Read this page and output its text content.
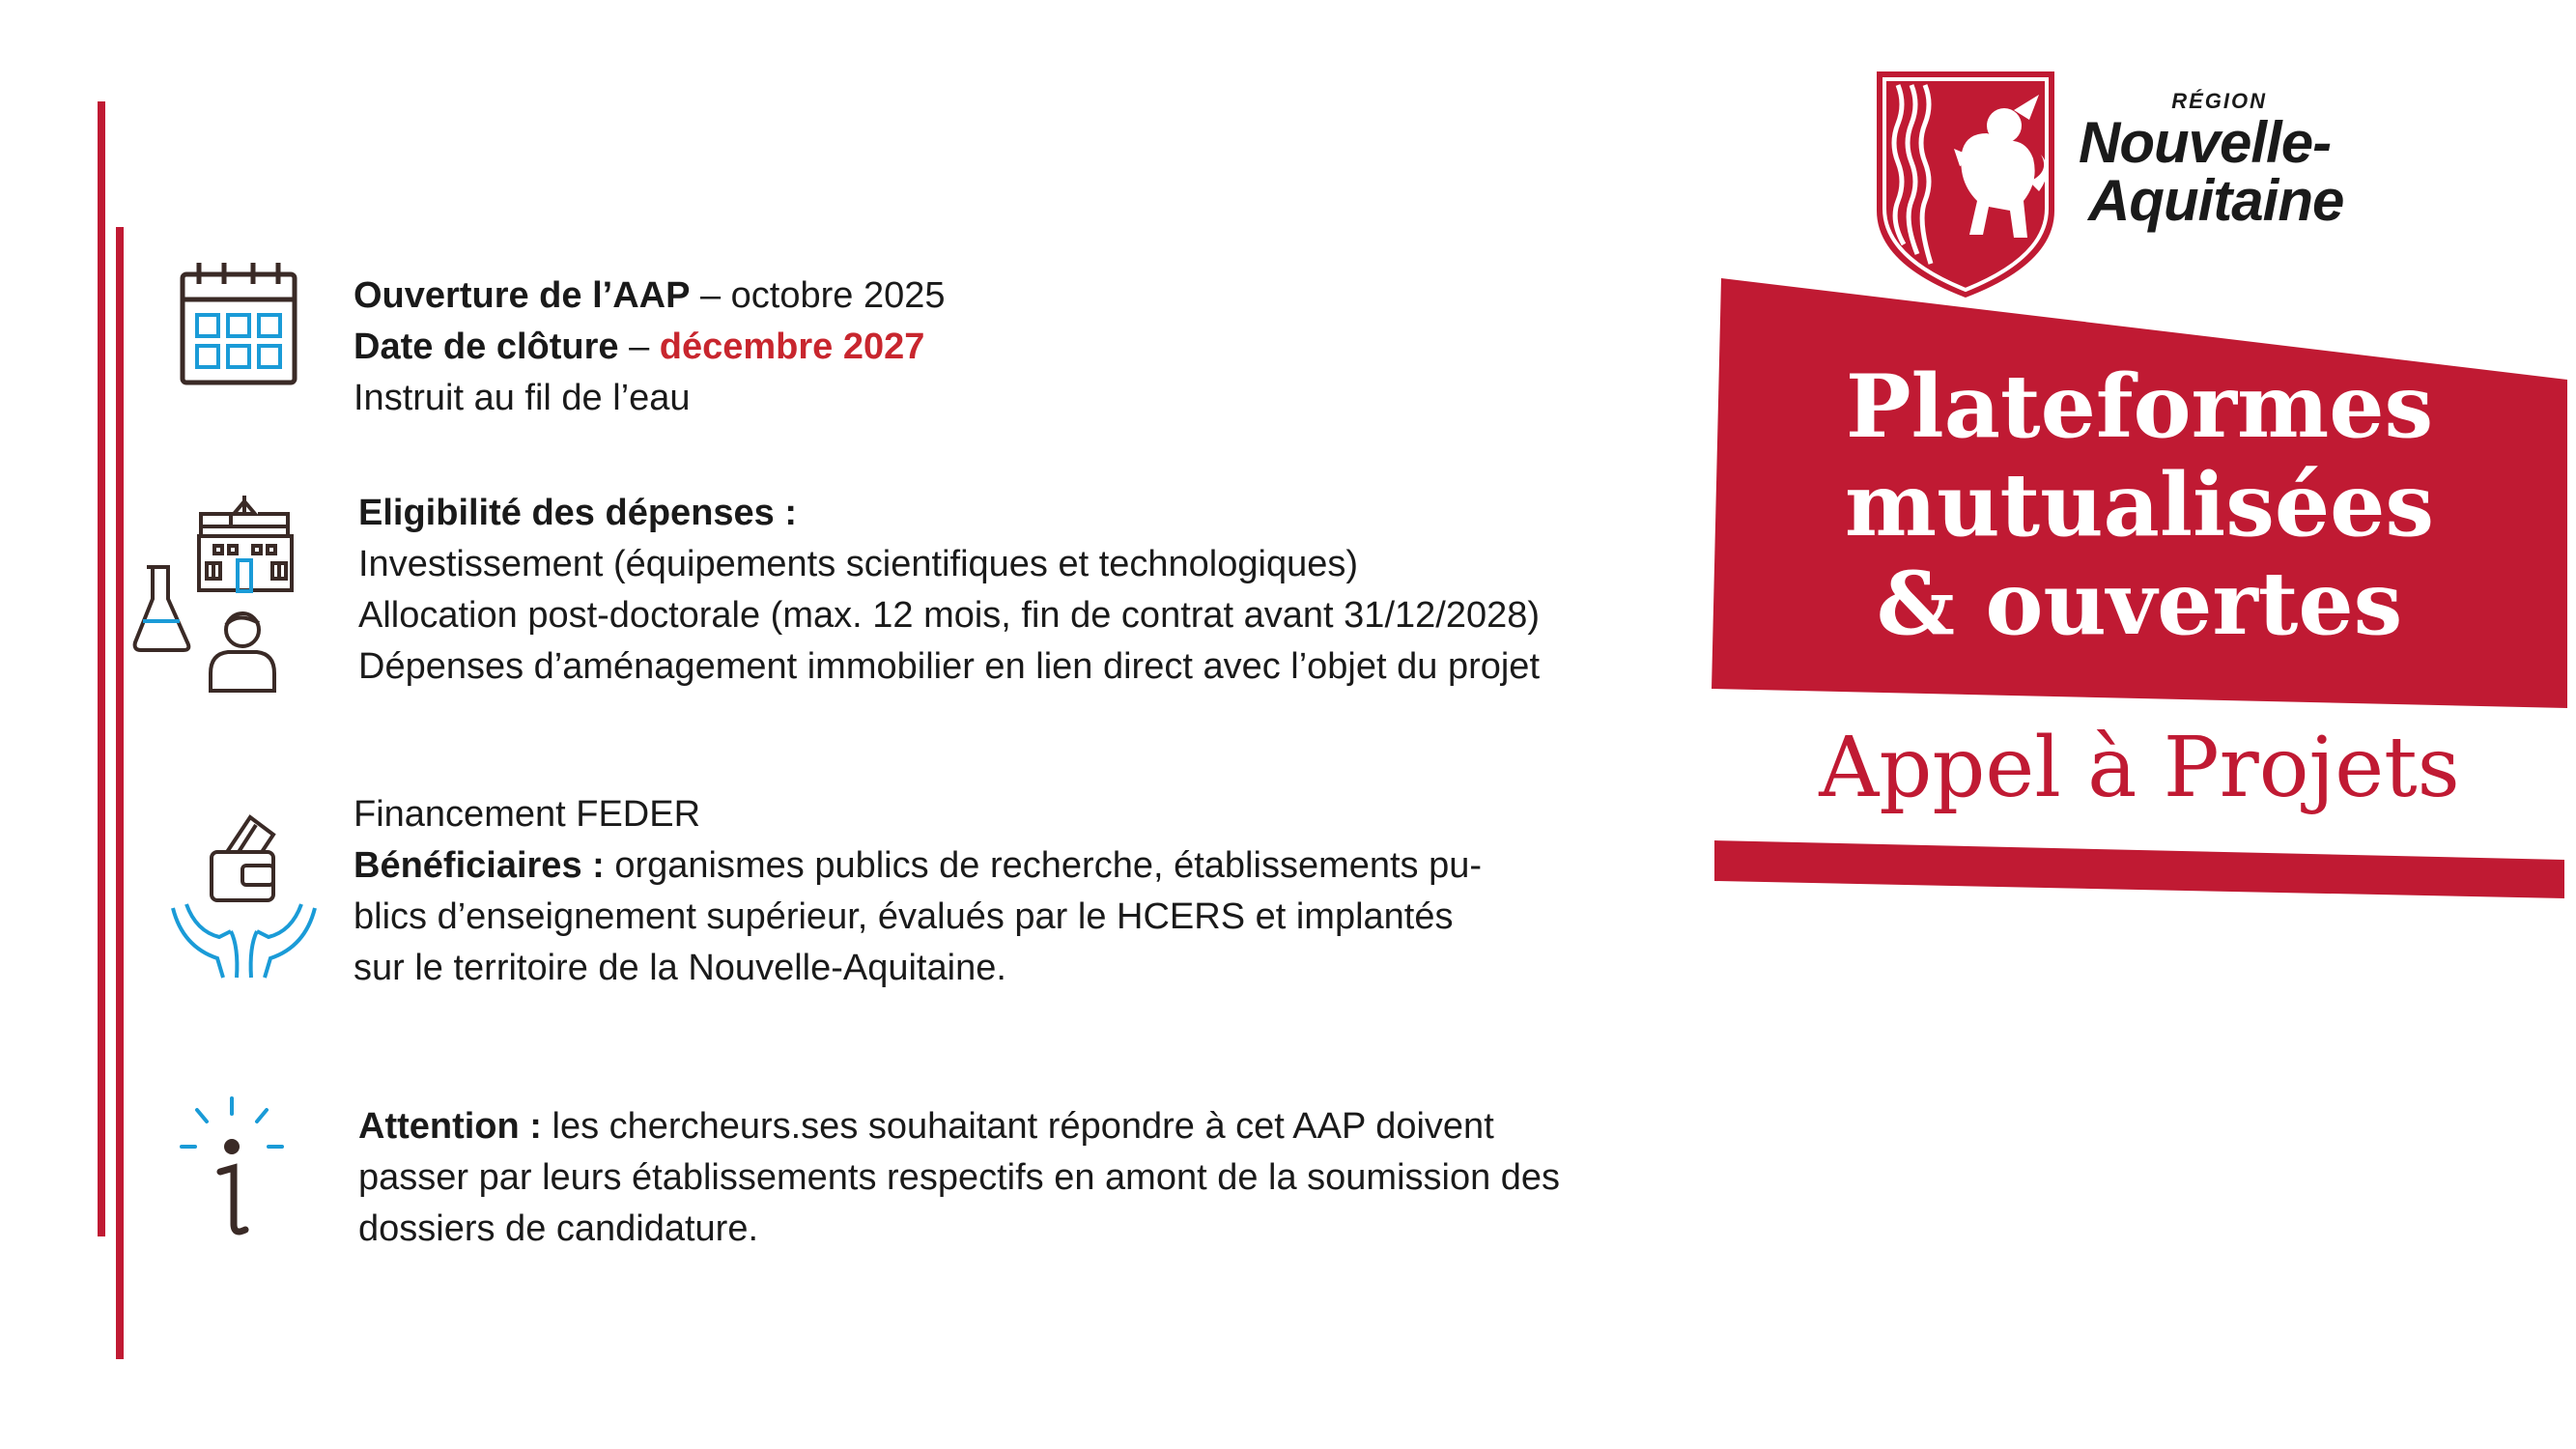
Ouverture de l’AAP – octobre 2025
Date de clôture – décembre 2027
Instruit au fil de l’eau
Eligibilité des dépenses :
Investissement (équipements scientifiques et technologiques)
Allocation post-doctorale (max. 12 mois, fin de contrat avant 31/12/2028)
Dépenses d’aménagement immobilier en lien direct avec l’objet du projet
Financement FEDER
Bénéficiaires : organismes publics de recherche, établissements pu-
blics d’enseignement supérieur, évalués par le HCERS et implantés
sur le territoire de la Nouvelle-Aquitaine.
Attention : les chercheurs.ses souhaitant répondre à cet AAP doivent
passer par leurs établissements respectifs en amont de la soumission des
dossiers de candidature.
RÉGION
Nouvelle-
Aquitaine
Plateformes
mutualisées
& ouvertes
Appel à Projets
